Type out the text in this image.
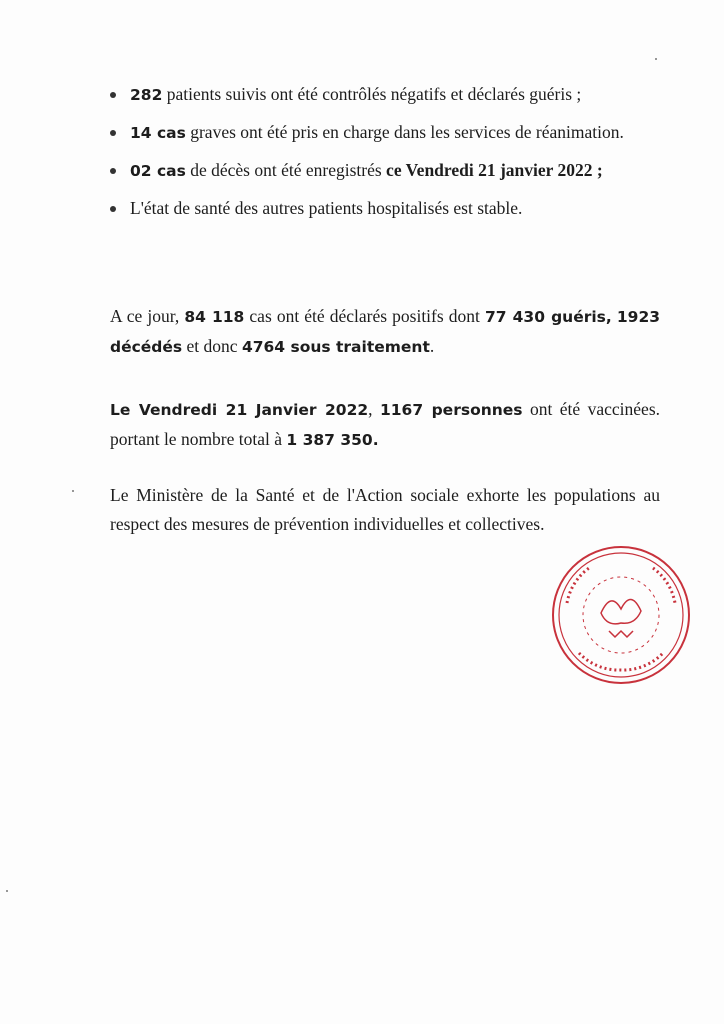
282 patients suivis ont été contrôlés négatifs et déclarés guéris ;
14 cas graves ont été pris en charge dans les services de réanimation.
02 cas de décès ont été enregistrés ce Vendredi 21 janvier 2022 ;
L'état de santé des autres patients hospitalisés est stable.

A ce jour, 84 118 cas ont été déclarés positifs dont 77 430 guéris, 1923 décédés et donc 4764 sous traitement.

Le Vendredi 21 Janvier 2022, 1167 personnes ont été vaccinées. portant le nombre total à 1 387 350.

Le Ministère de la Santé et de l'Action sociale exhorte les populations au respect des mesures de prévention individuelles et collectives.
